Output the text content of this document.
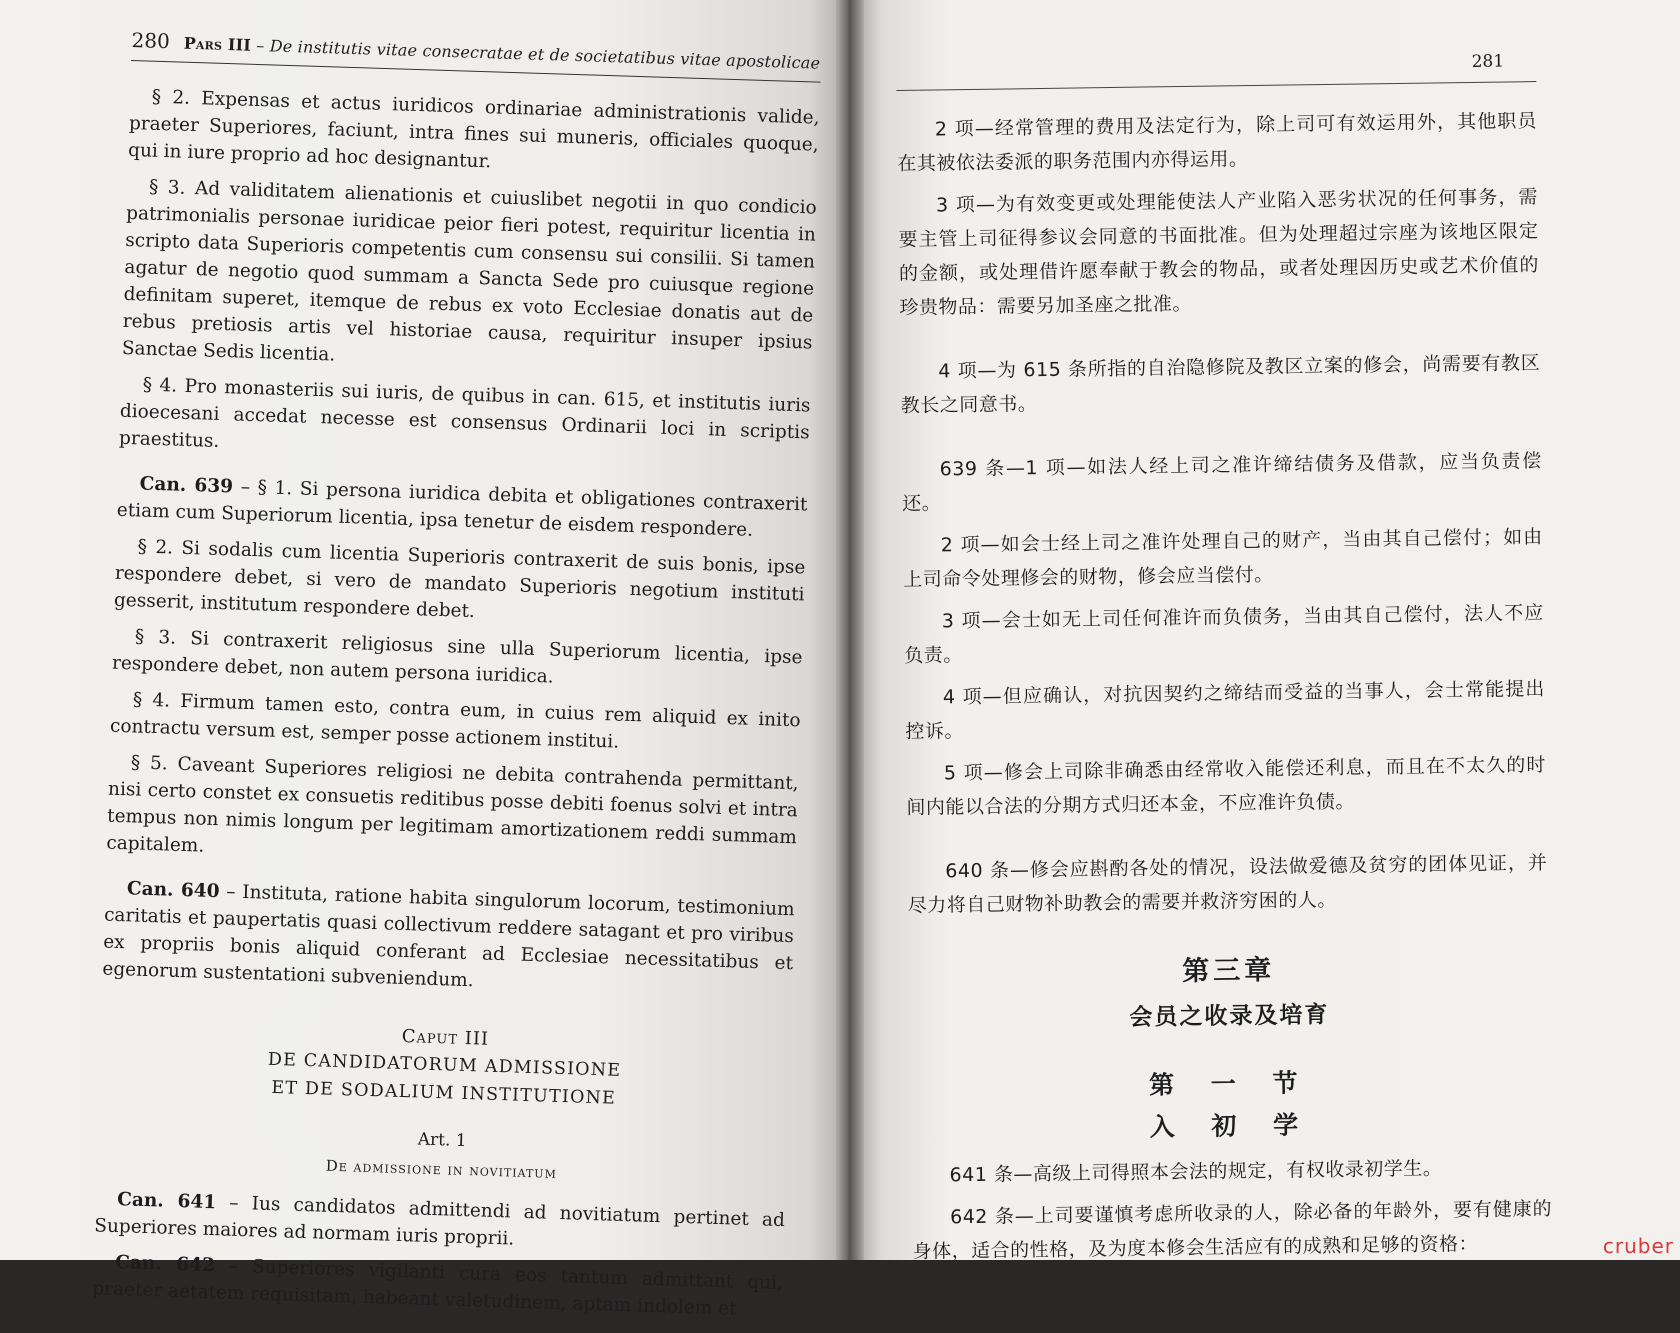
280 Pars III – De institutis vitae consecratae et de societatibus vitae apostolicae

§ 2. Expensas et actus iuridicos ordinariae administrationis valide, praeter Superiores, faciunt, intra fines sui muneris, officiales quoque, qui in iure proprio ad hoc designantur.

§ 3. Ad validitatem alienationis et cuiuslibet negotii in quo condicio patrimonialis personae iuridicae peior fieri potest, requiritur licentia in scripto data Superioris competentis cum consensu sui consilii. Si tamen agatur de negotio quod summam a Sancta Sede pro cuiusque regione definitam superet, itemque de rebus ex voto Ecclesiae donatis aut de rebus pretiosis artis vel historiae causa, requiritur insuper ipsius Sanctae Sedis licentia.

§ 4. Pro monasteriis sui iuris, de quibus in can. 615, et institutis iuris dioecesani accedat necesse est consensus Ordinarii loci in scriptis praestitus.

Can. 639 – § 1. Si persona iuridica debita et obligationes contraxerit etiam cum Superiorum licentia, ipsa tenetur de eisdem respondere.

§ 2. Si sodalis cum licentia Superioris contraxerit de suis bonis, ipse respondere debet, si vero de mandato Superioris negotium instituti gesserit, institutum respondere debet.

§ 3. Si contraxerit religiosus sine ulla Superiorum licentia, ipse respondere debet, non autem persona iuridica.

§ 4. Firmum tamen esto, contra eum, in cuius rem aliquid ex inito contractu versum est, semper posse actionem institui.

§ 5. Caveant Superiores religiosi ne debita contrahenda permittant, nisi certo constet ex consuetis reditibus posse debiti foenus solvi et intra tempus non nimis longum per legitimam amortizationem reddi summam capitalem.

Can. 640 – Instituta, ratione habita singulorum locorum, testimonium caritatis et paupertatis quasi collectivum reddere satagant et pro viribus ex propriis bonis aliquid conferant ad Ecclesiae necessitatibus et egenorum sustentationi subveniendum.

Caput III
DE CANDIDATORUM ADMISSIONE
ET DE SODALIUM INSTITUTIONE
Art. 1
De admissione in novitiatum

Can. 641 – Ius candidatos admittendi ad novitiatum pertinet ad Superiores maiores ad normam iuris proprii.

Can. 642 – Superiores vigilanti cura eos tantum admittant qui, praeter aetatem requisitam, habeant valetudinem, aptam indolem et

281

2 项—经常管理的费用及法定行为，除上司可有效运用外，其他职员在其被依法委派的职务范围内亦得运用。

3 项—为有效变更或处理能使法人产业陷入恶劣状况的任何事务，需要主管上司征得参议会同意的书面批准。但为处理超过宗座为该地区限定的金额，或处理借许愿奉献于教会的物品，或者处理因历史或艺术价值的珍贵物品：需要另加圣座之批准。

4 项—为 615 条所指的自治隐修院及教区立案的修会，尚需要有教区教长之同意书。

639 条—1 项—如法人经上司之准许缔结债务及借款，应当负责偿还。

2 项—如会士经上司之准许处理自己的财产，当由其自己偿付；如由上司命令处理修会的财物，修会应当偿付。

3 项—会士如无上司任何准许而负债务，当由其自己偿付，法人不应负责。

4 项—但应确认，对抗因契约之缔结而受益的当事人，会士常能提出控诉。

5 项—修会上司除非确悉由经常收入能偿还利息，而且在不太久的时间内能以合法的分期方式归还本金，不应准许负债。

640 条—修会应斟酌各处的情况，设法做爱德及贫穷的团体见证，并尽力将自己财物补助教会的需要并救济穷困的人。

第三章
会员之收录及培育
第 一 节
入 初 学

641 条—高级上司得照本会法的规定，有权收录初学生。

642 条—上司要谨慎考虑所收录的人，除必备的年龄外，要有健康的身体，适合的性格，及为度本修会生活应有的成熟和足够的资格：	cruber
